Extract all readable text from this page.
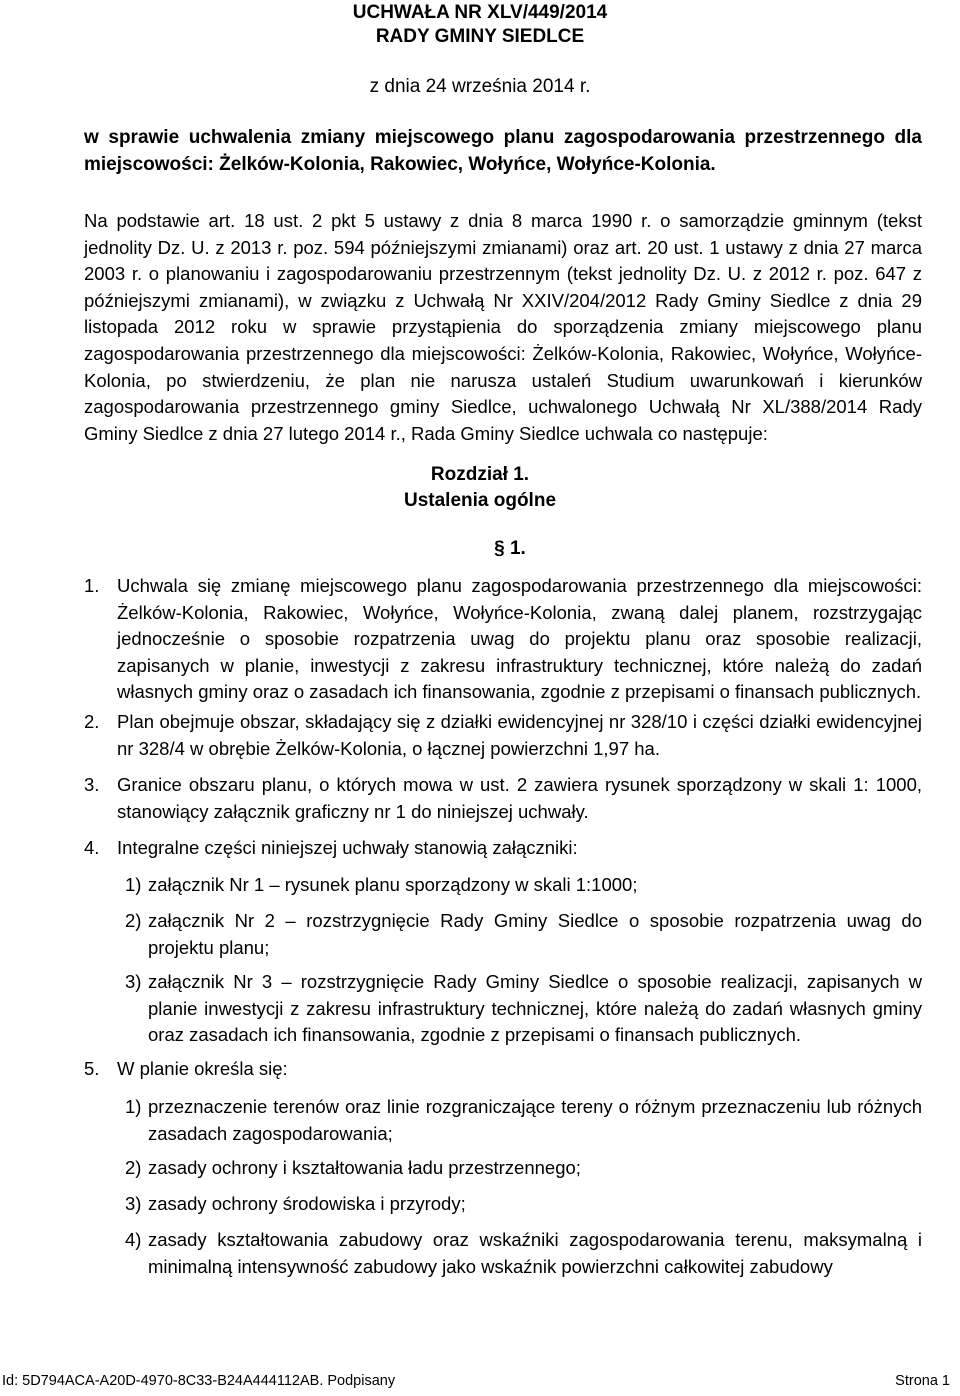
UCHWAŁA NR XLV/449/2014
RADY GMINY SIEDLCE
z dnia 24 września 2014 r.
w sprawie uchwalenia zmiany miejscowego planu zagospodarowania przestrzennego dla miejscowości: Żelków-Kolonia, Rakowiec, Wołyńce, Wołyńce-Kolonia.
Na podstawie art. 18 ust. 2 pkt 5 ustawy z dnia 8 marca 1990 r. o samorządzie gminnym (tekst jednolity Dz. U. z 2013 r. poz. 594 późniejszymi zmianami) oraz art. 20 ust. 1 ustawy z dnia 27 marca 2003 r. o planowaniu i zagospodarowaniu przestrzennym (tekst jednolity Dz. U. z 2012 r. poz. 647 z późniejszymi zmianami), w związku z Uchwałą Nr XXIV/204/2012 Rady Gminy Siedlce z dnia 29 listopada 2012 roku w sprawie przystąpienia do sporządzenia zmiany miejscowego planu zagospodarowania przestrzennego dla miejscowości: Żelków-Kolonia, Rakowiec, Wołyńce, Wołyńce-Kolonia, po stwierdzeniu, że plan nie narusza ustaleń Studium uwarunkowań i kierunków zagospodarowania przestrzennego gminy Siedlce, uchwalonego Uchwałą Nr XL/388/2014 Rady Gminy Siedlce z dnia 27 lutego 2014 r., Rada Gminy Siedlce uchwala co następuje:
Rozdział 1.
Ustalenia ogólne
§ 1.
1. Uchwala się zmianę miejscowego planu zagospodarowania przestrzennego dla miejscowości: Żelków-Kolonia, Rakowiec, Wołyńce, Wołyńce-Kolonia, zwaną dalej planem, rozstrzygając jednocześnie o sposobie rozpatrzenia uwag do projektu planu oraz sposobie realizacji, zapisanych w planie, inwestycji z zakresu infrastruktury technicznej, które należą do zadań własnych gminy oraz o zasadach ich finansowania, zgodnie z przepisami o finansach publicznych.
2. Plan obejmuje obszar, składający się z działki ewidencyjnej nr 328/10 i części działki ewidencyjnej nr 328/4 w obrębie Żelków-Kolonia, o łącznej powierzchni 1,97 ha.
3. Granice obszaru planu, o których mowa w ust. 2 zawiera rysunek sporządzony w skali 1: 1000, stanowiący załącznik graficzny nr 1 do niniejszej uchwały.
4. Integralne części niniejszej uchwały stanowią załączniki:
1) załącznik Nr 1 – rysunek planu sporządzony w skali 1:1000;
2) załącznik Nr 2 – rozstrzygnięcie Rady Gminy Siedlce o sposobie rozpatrzenia uwag do projektu planu;
3) załącznik Nr 3 – rozstrzygnięcie Rady Gminy Siedlce o sposobie realizacji, zapisanych w planie inwestycji z zakresu infrastruktury technicznej, które należą do zadań własnych gminy oraz zasadach ich finansowania, zgodnie z przepisami o finansach publicznych.
5. W planie określa się:
1) przeznaczenie terenów oraz linie rozgraniczające tereny o różnym przeznaczeniu lub różnych zasadach zagospodarowania;
2) zasady ochrony i kształtowania ładu przestrzennego;
3) zasady ochrony środowiska i przyrody;
4) zasady kształtowania zabudowy oraz wskaźniki zagospodarowania terenu, maksymalną i minimalną intensywność zabudowy jako wskaźnik powierzchni całkowitej zabudowy
Id: 5D794ACA-A20D-4970-8C33-B24A444112AB. Podpisany	Strona 1
